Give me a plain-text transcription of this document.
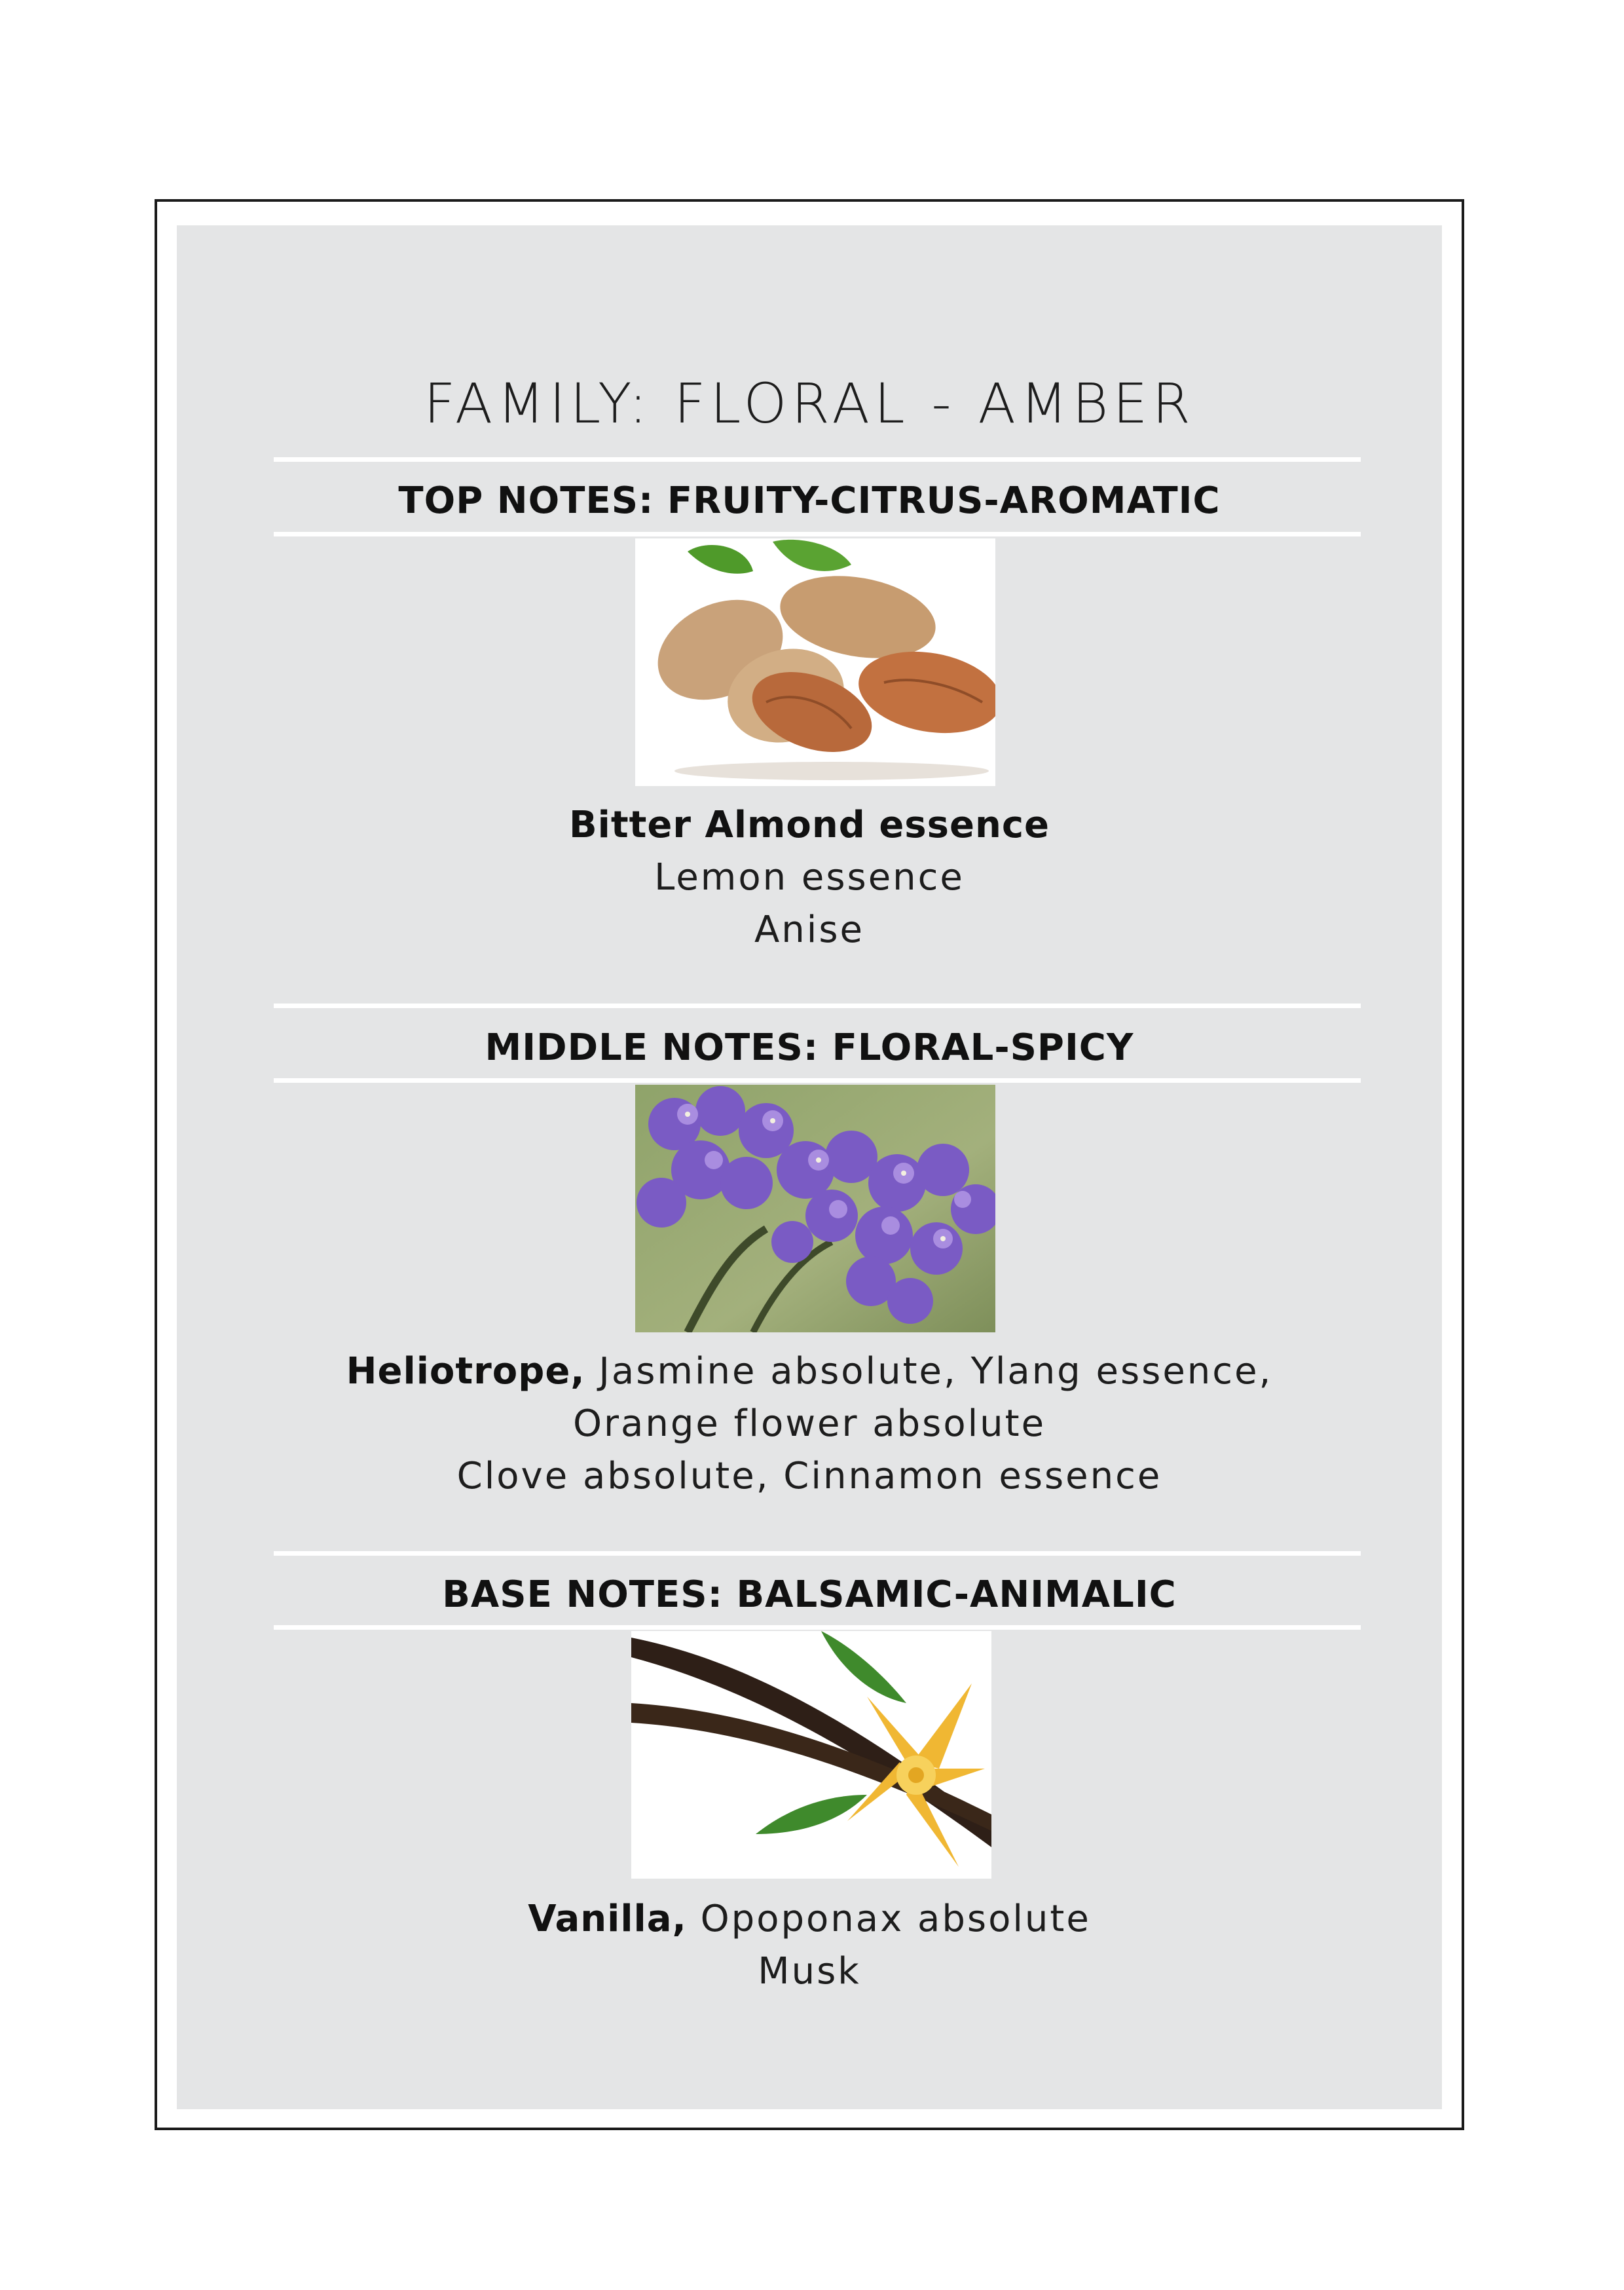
FAMILY: FLORAL - AMBER
TOP NOTES: FRUITY-CITRUS-AROMATIC
Bitter Almond essence
Lemon essence
Anise
MIDDLE NOTES: FLORAL-SPICY
Heliotrope, Jasmine absolute, Ylang essence,
Orange flower absolute
Clove absolute, Cinnamon essence
BASE NOTES: BALSAMIC-ANIMALIC
Vanilla, Opoponax absolute
Musk
